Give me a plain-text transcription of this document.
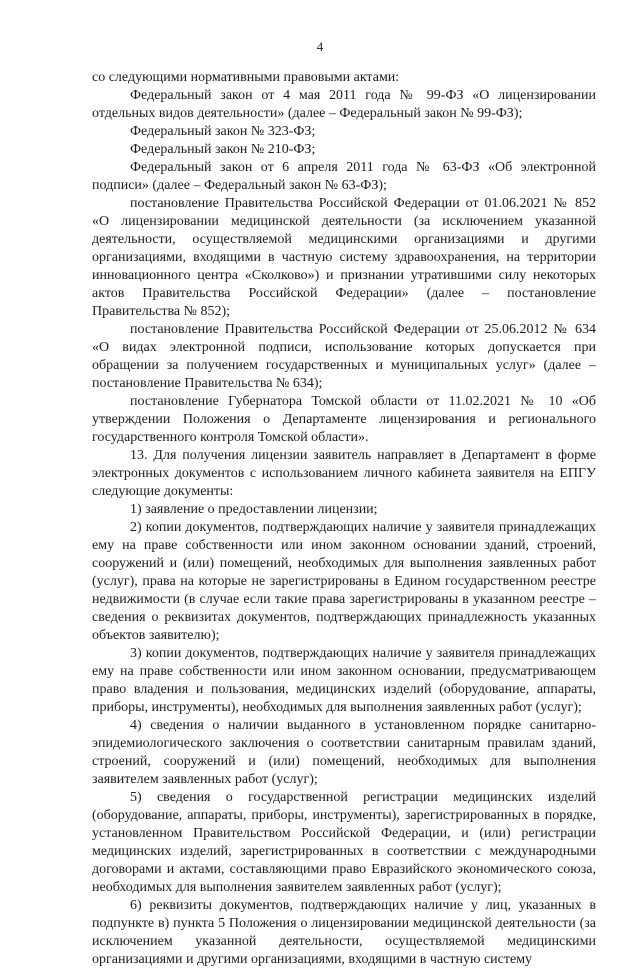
4

со следующими нормативными правовыми актами:

Федеральный закон от 4 мая 2011 года № 99-ФЗ «О лицензировании отдельных видов деятельности» (далее – Федеральный закон № 99-ФЗ);

Федеральный закон № 323-ФЗ;

Федеральный закон № 210-ФЗ;

Федеральный закон от 6 апреля 2011 года № 63-ФЗ «Об электронной подписи» (далее – Федеральный закон № 63-ФЗ);

постановление Правительства Российской Федерации от 01.06.2021 № 852 «О лицензировании медицинской деятельности (за исключением указанной деятельности, осуществляемой медицинскими организациями и другими организациями, входящими в частную систему здравоохранения, на территории инновационного центра «Сколково») и признании утратившими силу некоторых актов Правительства Российской Федерации» (далее – постановление Правительства № 852);

постановление Правительства Российской Федерации от 25.06.2012 № 634 «О видах электронной подписи, использование которых допускается при обращении за получением государственных и муниципальных услуг» (далее – постановление Правительства № 634);

постановление Губернатора Томской области от 11.02.2021 № 10 «Об утверждении Положения о Департаменте лицензирования и регионального государственного контроля Томской области».

13. Для получения лицензии заявитель направляет в Департамент в форме электронных документов с использованием личного кабинета заявителя на ЕПГУ следующие документы:

1) заявление о предоставлении лицензии;

2) копии документов, подтверждающих наличие у заявителя принадлежащих ему на праве собственности или ином законном основании зданий, строений, сооружений и (или) помещений, необходимых для выполнения заявленных работ (услуг), права на которые не зарегистрированы в Едином государственном реестре недвижимости (в случае если такие права зарегистрированы в указанном реестре – сведения о реквизитах документов, подтверждающих принадлежность указанных объектов заявителю);

3) копии документов, подтверждающих наличие у заявителя принадлежащих ему на праве собственности или ином законном основании, предусматривающем право владения и пользования, медицинских изделий (оборудование, аппараты, приборы, инструменты), необходимых для выполнения заявленных работ (услуг);

4) сведения о наличии выданного в установленном порядке санитарно-эпидемиологического заключения о соответствии санитарным правилам зданий, строений, сооружений и (или) помещений, необходимых для выполнения заявителем заявленных работ (услуг);

5) сведения о государственной регистрации медицинских изделий (оборудование, аппараты, приборы, инструменты), зарегистрированных в порядке, установленном Правительством Российской Федерации, и (или) регистрации медицинских изделий, зарегистрированных в соответствии с международными договорами и актами, составляющими право Евразийского экономического союза, необходимых для выполнения заявителем заявленных работ (услуг);

6) реквизиты документов, подтверждающих наличие у лиц, указанных в подпункте в) пункта 5 Положения о лицензировании медицинской деятельности (за исключением указанной деятельности, осуществляемой медицинскими организациями и другими организациями, входящими в частную систему
